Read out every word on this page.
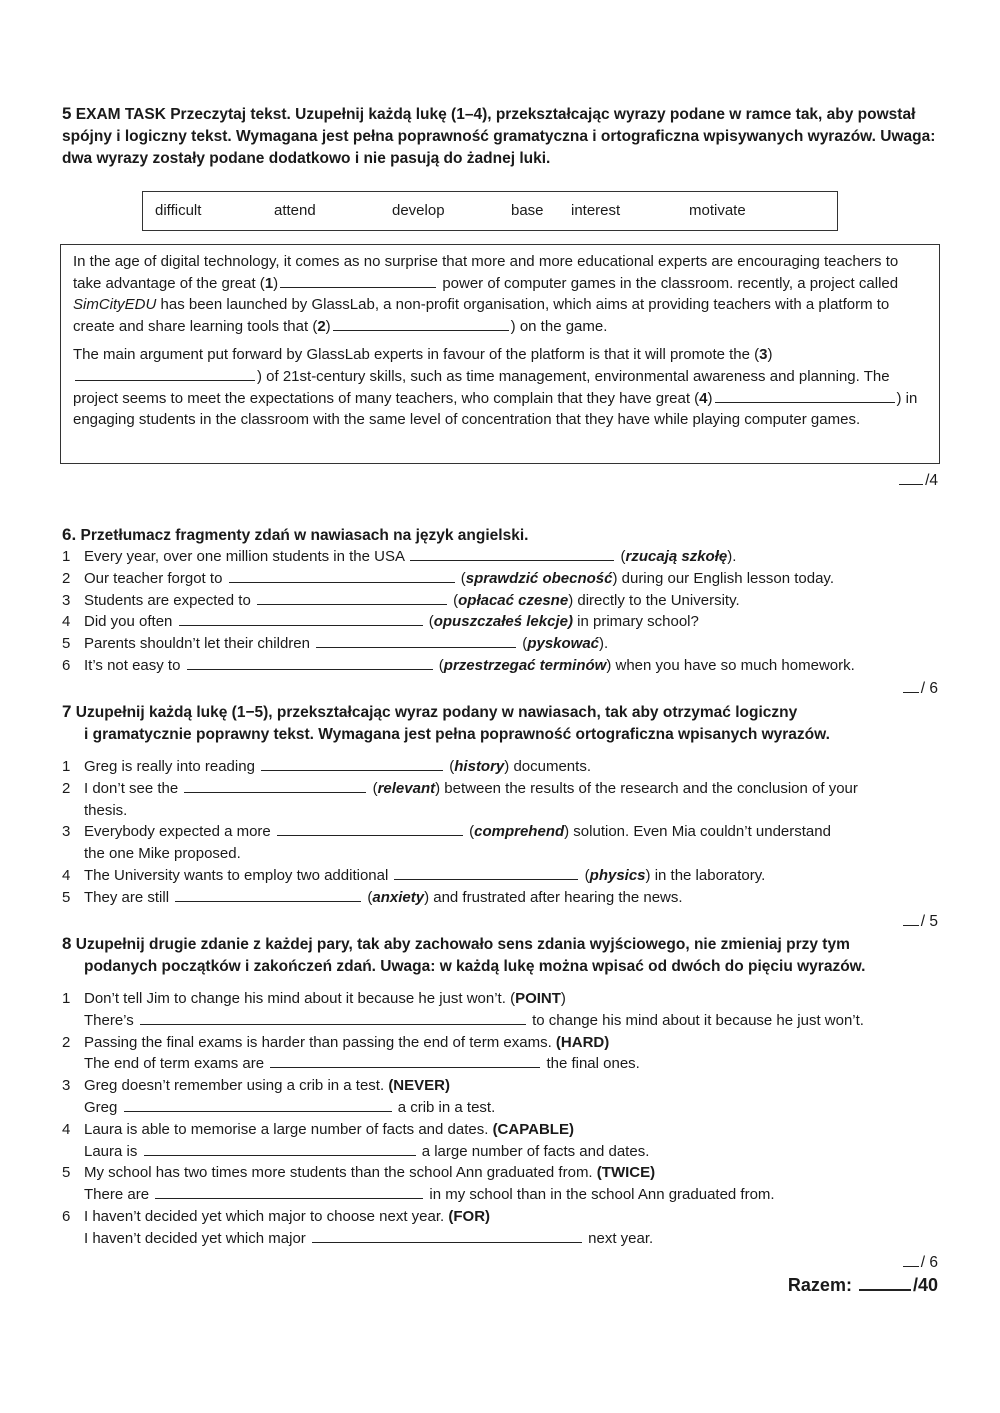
5 EXAM TASK Przeczytaj tekst. Uzupełnij każdą lukę (1–4), przekształcając wyrazy podane w ramce tak, aby powstał spójny i logiczny tekst. Wymagana jest pełna poprawność gramatyczna i ortograficzna wpisywanych wyrazów. Uwaga: dwa wyrazy zostały podane dodatkowo i nie pasują do żadnej luki.
difficult	attend	develop	base interest	motivate

In the age of digital technology, it comes as no surprise that more and more educational experts are encouraging teachers to take advantage of the great (1)	power of computer games in the classroom. recently, a project called SimCityEDU has been launched by GlassLab, a non-profit organisation, which aims at providing teachers with a platform to create and share learning tools that (2)	) on the game.

The main argument put forward by GlassLab experts in favour of the platform is that it will promote the (3)) of 21st-century skills, such as time management, environmental awareness and planning. The project seems to meet the expectations of many teachers, who complain that they have great (4)	) in engaging students in the classroom with the same level of concentration that they have while playing computer games.

/4
6. Przetłumacz fragmenty zdań w nawiasach na język angielski.
1 Every year, over one million students in the USA	(rzucają szkołę).
2 Our teacher forgot to	(sprawdzić obecność) during our English lesson today.
3 Students are expected to	(opłacać czesne) directly to the University.
4 Did you often	(opuszczałeś lekcje) in primary school?
5 Parents shouldn’t let their children	(pyskować).
6 It’s not easy to	(przestrzegać terminów) when you have so much homework.
/ 6
7 Uzupełnij każdą lukę (1−5), przekształcając wyraz podany w nawiasach, tak aby otrzymać logiczny
i gramatycznie poprawny tekst. Wymagana jest pełna poprawność ortograficzna wpisanych wyrazów.
1 Greg is really into reading	(history) documents.
2 I don’t see the	(relevant) between the results of the research and the conclusion of your
thesis.
3 Everybody expected a more	(comprehend) solution. Even Mia couldn’t understand
the one Mike proposed.
4 The University wants to employ two additional	(physics) in the laboratory.
5 They are still	(anxiety) and frustrated after hearing the news.
/ 5
8 Uzupełnij drugie zdanie z każdej pary, tak aby zachowało sens zdania wyjściowego, nie zmieniaj przy tym
podanych początków i zakończeń zdań. Uwaga: w każdą lukę można wpisać od dwóch do pięciu wyrazów.
1 Don’t tell Jim to change his mind about it because he just won’t. (POINT)
There’s	to change his mind about it because he just won’t.
2 Passing the final exams is harder than passing the end of term exams. (HARD)
The end of term exams are	the final ones.
3 Greg doesn’t remember using a crib in a test. (NEVER)
Greg	a crib in a test.
4 Laura is able to memorise a large number of facts and dates. (CAPABLE)
Laura is	a large number of facts and dates.
5 My school has two times more students than the school Ann graduated from. (TWICE)
There are	in my school than in the school Ann graduated from.
6 I haven’t decided yet which major to choose next year. (FOR)
I haven’t decided yet which major	next year.
/ 6
Razem:	/40
